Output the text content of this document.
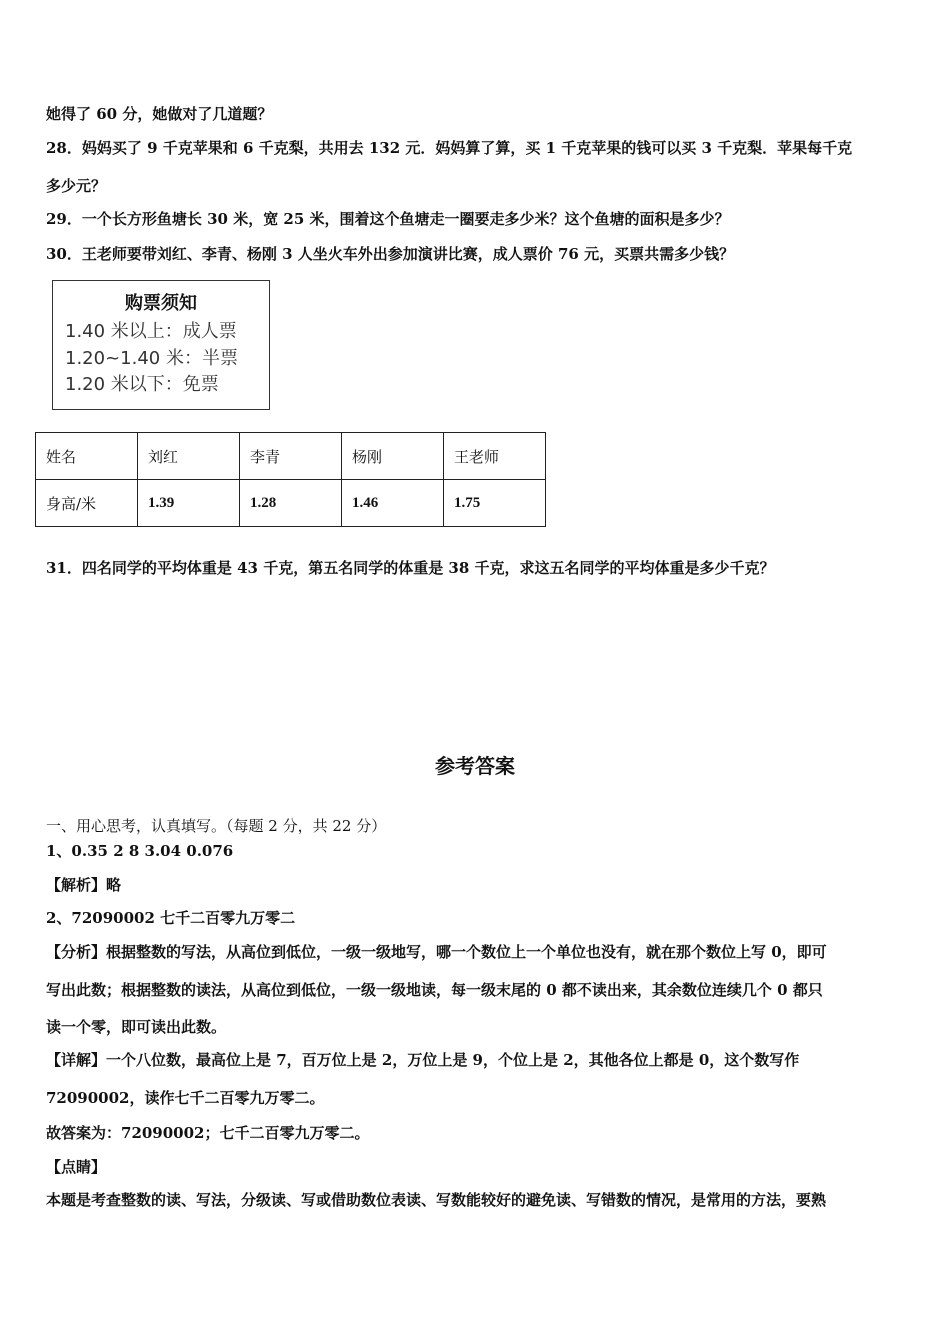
她得了 60 分，她做对了几道题？
28．妈妈买了 9 千克苹果和 6 千克梨，共用去 132 元．妈妈算了算，买 1 千克苹果的钱可以买 3 千克梨．苹果每千克
多少元？
29．一个长方形鱼塘长 30 米，宽 25 米，围着这个鱼塘走一圈要走多少米？这个鱼塘的面积是多少？
30．王老师要带刘红、李青、杨刚 3 人坐火车外出参加演讲比赛，成人票价 76 元，买票共需多少钱？
购票须知
1.40 米以上：成人票
1.20~1.40 米：半票
1.20 米以下：免票
姓名	刘红	李青	杨刚	王老师
身高/米	1.39	1.28	1.46	1.75
31．四名同学的平均体重是 43 千克，第五名同学的体重是 38 千克，求这五名同学的平均体重是多少千克？
参考答案
一、用心思考，认真填写。（每题 2 分，共 22 分）
1、0.35 2 8 3.04 0.076
【解析】略
2、72090002 七千二百零九万零二
【分析】根据整数的写法，从高位到低位，一级一级地写，哪一个数位上一个单位也没有，就在那个数位上写 0，即可
写出此数；根据整数的读法，从高位到低位，一级一级地读，每一级末尾的 0 都不读出来，其余数位连续几个 0 都只
读一个零，即可读出此数。
【详解】一个八位数，最高位上是 7，百万位上是 2，万位上是 9，个位上是 2，其他各位上都是 0，这个数写作
72090002，读作七千二百零九万零二。
故答案为：72090002；七千二百零九万零二。
【点睛】
本题是考查整数的读、写法，分级读、写或借助数位表读、写数能较好的避免读、写错数的情况，是常用的方法，要熟
